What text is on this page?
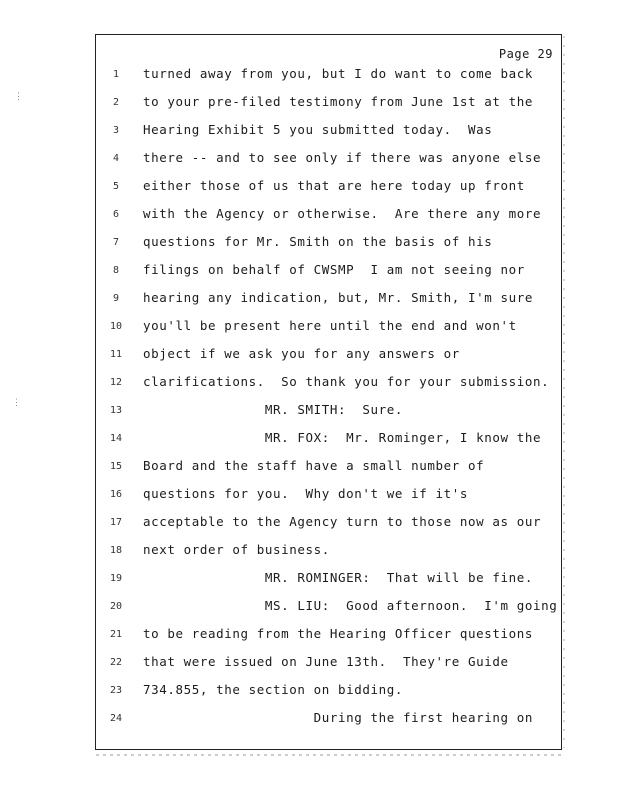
Page 29
1	turned away from you, but I do want to come back
2	to your pre-filed testimony from June 1st at the
3	Hearing Exhibit 5 you submitted today.  Was
4	there -- and to see only if there was anyone else
5	either those of us that are here today up front
6	with the Agency or otherwise.  Are there any more
7	questions for Mr. Smith on the basis of his
8	filings on behalf of CWSMP  I am not seeing nor
9	hearing any indication, but, Mr. Smith, I'm sure
10	you'll be present here until the end and won't
11	object if we ask you for any answers or
12	clarifications.  So thank you for your submission.
13	MR. SMITH:  Sure.
14	MR. FOX:  Mr. Rominger, I know the
15	Board and the staff have a small number of
16	questions for you.  Why don't we if it's
17	acceptable to the Agency turn to those now as our
18	next order of business.
19	MR. ROMINGER:  That will be fine.
20	MS. LIU:  Good afternoon.  I'm going
21	to be reading from the Hearing Officer questions
22	that were issued on June 13th.  They're Guide
23	734.855, the section on bidding.
24	During the first hearing on
⋮
⋮
